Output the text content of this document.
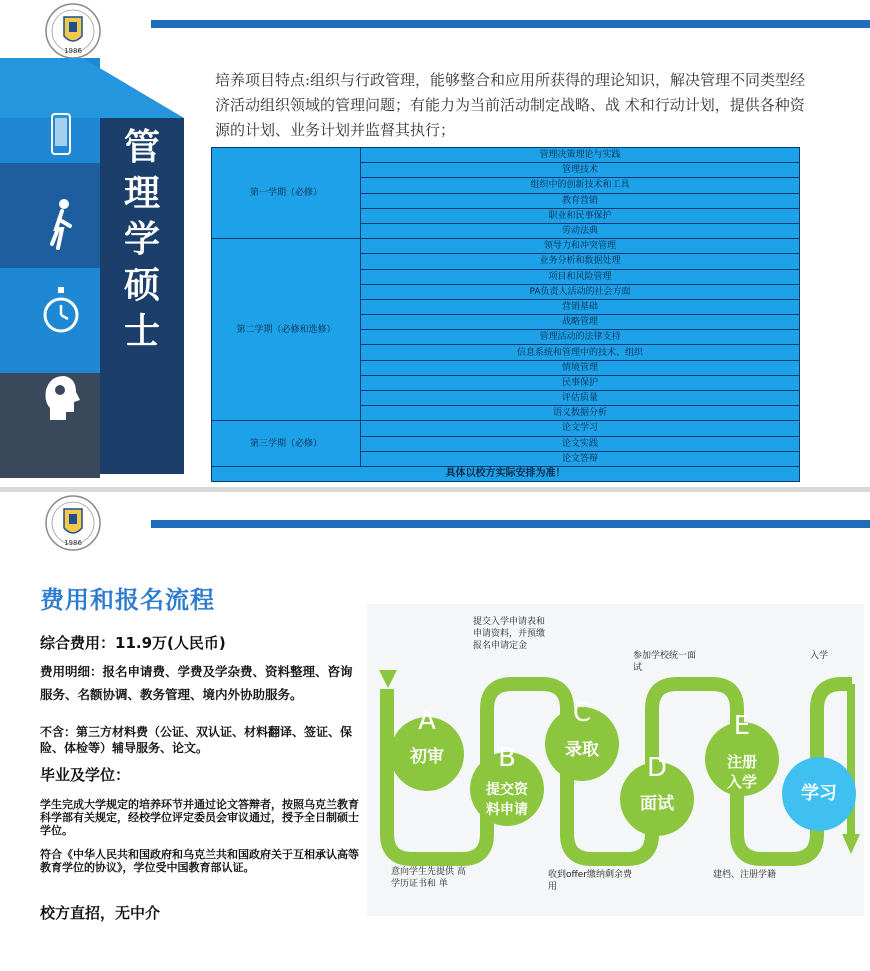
1986
管
理
学
硕
士
培养项目特点:组织与行政管理，能够整合和应用所获得的理论知识，解决管理不同类型经济活动组织领域的管理问题；有能力为当前活动制定战略、战 术和行动计划，提供各种资源的计划、业务计划并监督其执行；
第一学期（必修）	管理决策理论与实践
	管理技术
	组织中的创新技术和工具
	教育营销
	职业和民事保护
	劳动法典
第二学期（必修和选修）	领导力和冲突管理
	业务分析和数据处理
	项目和风险管理
	PA负责人活动的社会方面
	营销基础
	战略管理
	管理活动的法律支持
	信息系统和管理中的技术、组织
	情境管理
	民事保护
	评估质量
	语义数据分析
第三学期（必修）	论文学习
	论文实践
	论文答辩
具体以校方实际安排为准！	
1986
费用和报名流程
综合费用：11.9万(人民币)
费用明细：报名申请费、学费及学杂费、资料整理、咨询服务、名额协调、教务管理、境内外协助服务。
不含：第三方材料费（公证、双认证、材料翻译、签证、保险、体检等）辅导服务、论文。
毕业及学位：
学生完成大学规定的培养环节并通过论文答辩者，按照乌克兰教育科学部有关规定，经校学位评定委员会审议通过，授予全日制硕士学位。
符合《中华人民共和国政府和乌克兰共和国政府关于互相承认高等教育学位的协议》，学位受中国教育部认证。
校方直招，无中介
A
初审	B
提交资料申请
C
录取
D
面试
E
注册入学
学习
提交入学申请表和申请资料，并预缴报名申请定金
参加学校统一面试
入学
意向学生先提供 高学历证书和 单
收到offer缴纳剩余费用
建档、注册学籍
